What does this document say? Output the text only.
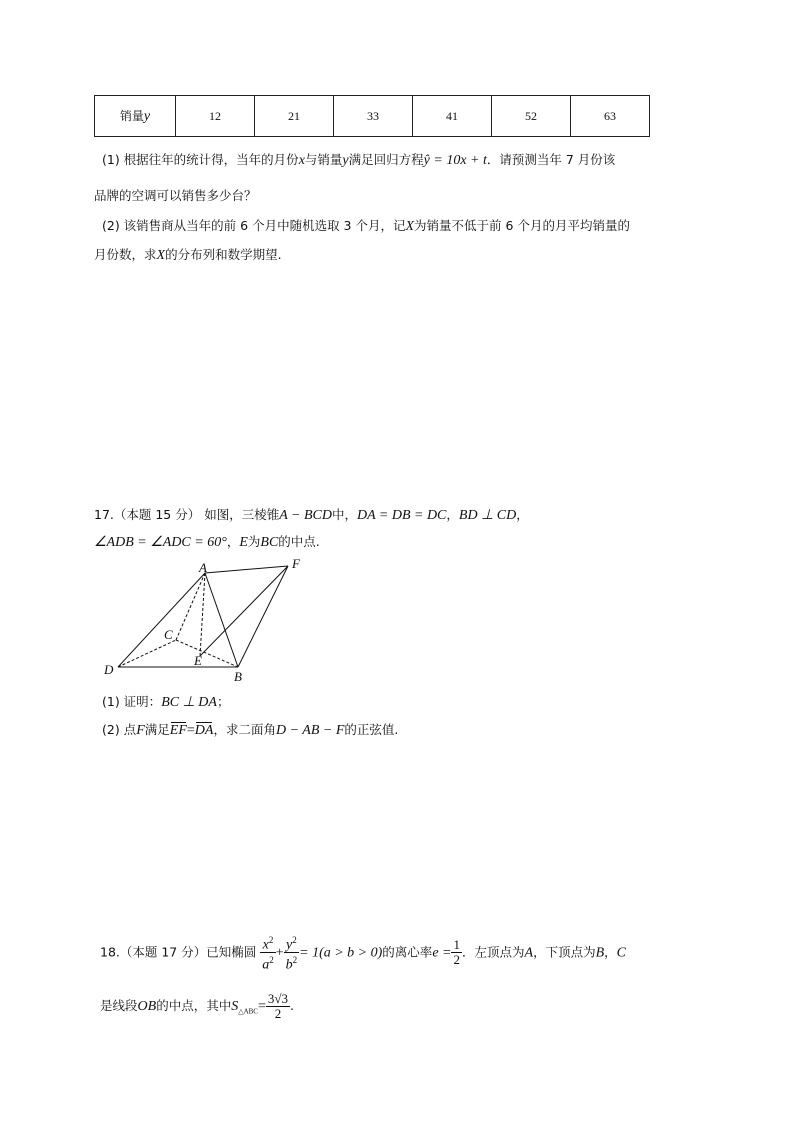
销量y	12	21	33	41	52	63
(1) 根据往年的统计得，当年的月份x与销量y满足回归方程ŷ = 10x + t．请预测当年 7 月份该
品牌的空调可以销售多少台？
(2) 该销售商从当年的前 6 个月中随机选取 3 个月，记X为销量不低于前 6 个月的月平均销量的
月份数，求X的分布列和数学期望.
17.（本题 15 分） 如图，三棱锥A − BCD中，DA = DB = DC，BD ⊥ CD，
∠ADB = ∠ADC = 60°，E为BC的中点.
A
B
C
D
E
F
(1) 证明：BC ⊥ DA；
(2) 点F满足EF=DA，求二面角D − AB − F的正弦值.
18.（本题 17 分）已知椭圆 $\frac{x^2}{a^2} + \frac{y^2}{b^2} = 1(a > b > 0)$的离心率$e = \frac{1}{2}$ ．左顶点为A，下顶点为B，C
是线段OB的中点，其中$S_{\triangle ABC}= \frac{3√3}{2}$ .
